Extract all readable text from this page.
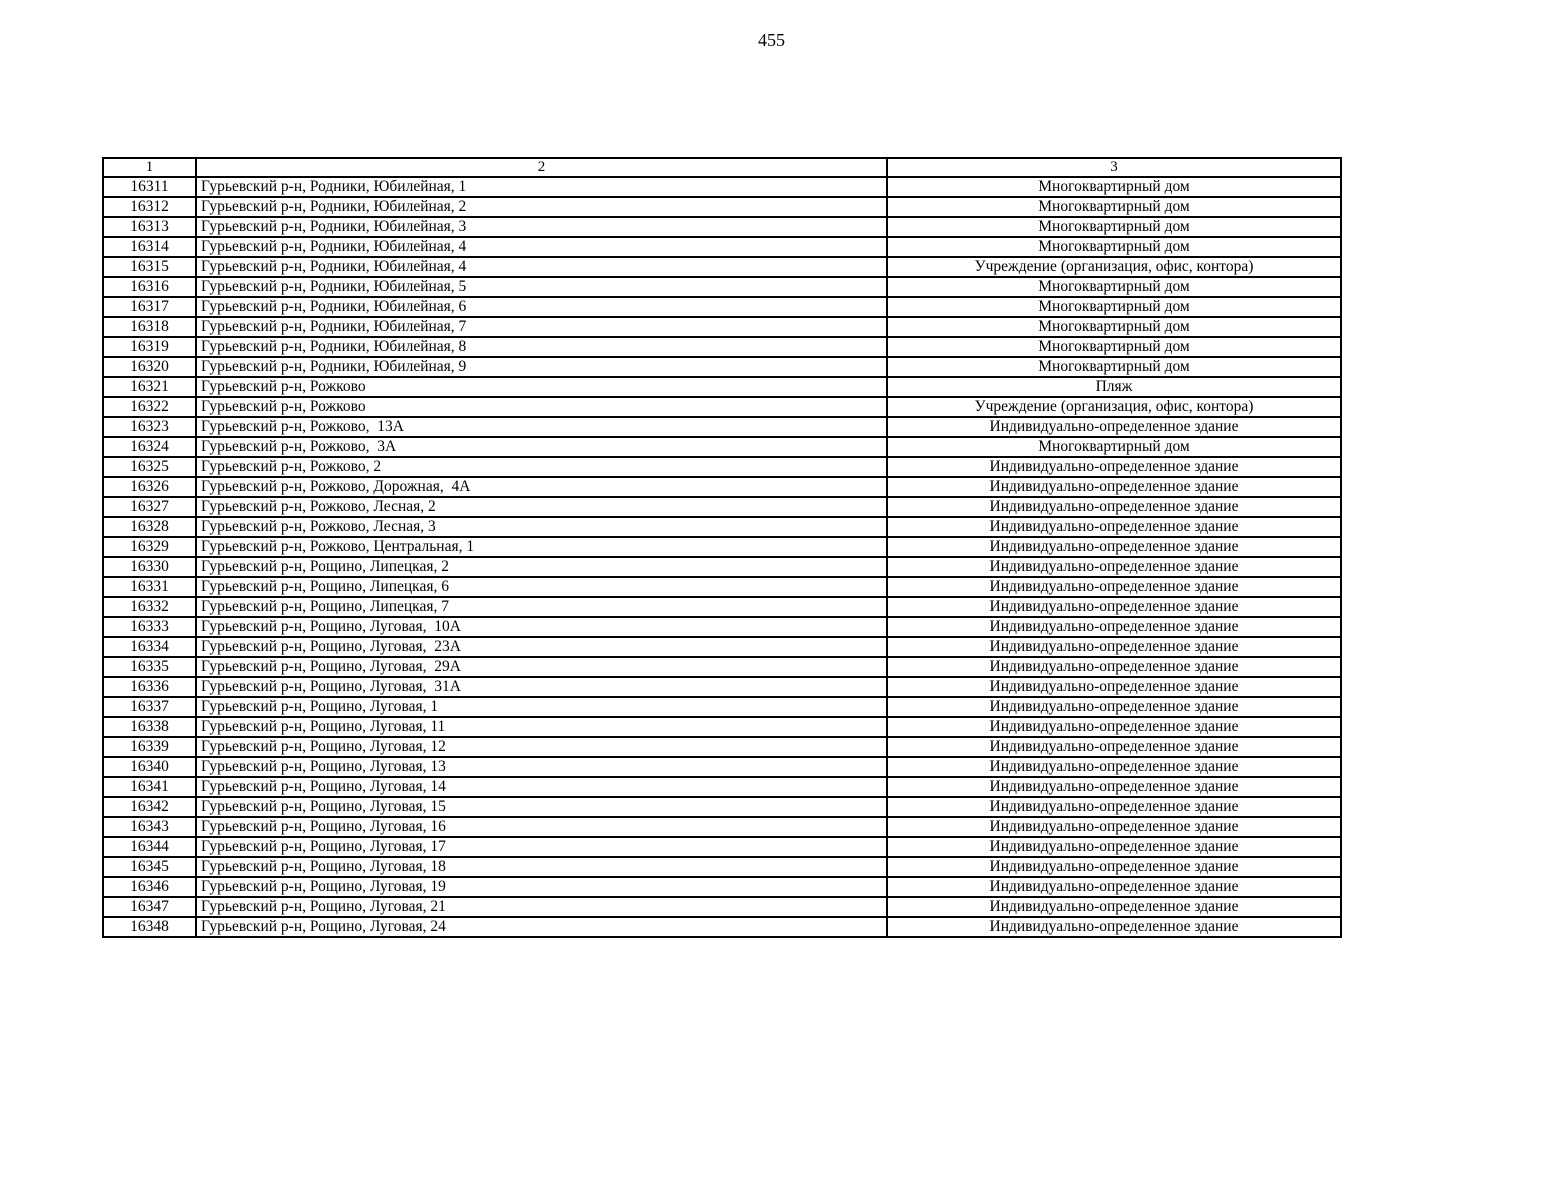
455
1	2	3
16311	Гурьевский р-н, Родники, Юбилейная, 1	Многоквартирный дом
16312	Гурьевский р-н, Родники, Юбилейная, 2	Многоквартирный дом
16313	Гурьевский р-н, Родники, Юбилейная, 3	Многоквартирный дом
16314	Гурьевский р-н, Родники, Юбилейная, 4	Многоквартирный дом
16315	Гурьевский р-н, Родники, Юбилейная, 4	Учреждение (организация, офис, контора)
16316	Гурьевский р-н, Родники, Юбилейная, 5	Многоквартирный дом
16317	Гурьевский р-н, Родники, Юбилейная, 6	Многоквартирный дом
16318	Гурьевский р-н, Родники, Юбилейная, 7	Многоквартирный дом
16319	Гурьевский р-н, Родники, Юбилейная, 8	Многоквартирный дом
16320	Гурьевский р-н, Родники, Юбилейная, 9	Многоквартирный дом
16321	Гурьевский р-н, Рожково	Пляж
16322	Гурьевский р-н, Рожково	Учреждение (организация, офис, контора)
16323	Гурьевский р-н, Рожково,  13А	Индивидуально-определенное здание
16324	Гурьевский р-н, Рожково,  3А	Многоквартирный дом
16325	Гурьевский р-н, Рожково, 2	Индивидуально-определенное здание
16326	Гурьевский р-н, Рожково, Дорожная,  4А	Индивидуально-определенное здание
16327	Гурьевский р-н, Рожково, Лесная, 2	Индивидуально-определенное здание
16328	Гурьевский р-н, Рожково, Лесная, 3	Индивидуально-определенное здание
16329	Гурьевский р-н, Рожково, Центральная, 1	Индивидуально-определенное здание
16330	Гурьевский р-н, Рощино, Липецкая, 2	Индивидуально-определенное здание
16331	Гурьевский р-н, Рощино, Липецкая, 6	Индивидуально-определенное здание
16332	Гурьевский р-н, Рощино, Липецкая, 7	Индивидуально-определенное здание
16333	Гурьевский р-н, Рощино, Луговая,  10А	Индивидуально-определенное здание
16334	Гурьевский р-н, Рощино, Луговая,  23А	Индивидуально-определенное здание
16335	Гурьевский р-н, Рощино, Луговая,  29А	Индивидуально-определенное здание
16336	Гурьевский р-н, Рощино, Луговая,  31А	Индивидуально-определенное здание
16337	Гурьевский р-н, Рощино, Луговая, 1	Индивидуально-определенное здание
16338	Гурьевский р-н, Рощино, Луговая, 11	Индивидуально-определенное здание
16339	Гурьевский р-н, Рощино, Луговая, 12	Индивидуально-определенное здание
16340	Гурьевский р-н, Рощино, Луговая, 13	Индивидуально-определенное здание
16341	Гурьевский р-н, Рощино, Луговая, 14	Индивидуально-определенное здание
16342	Гурьевский р-н, Рощино, Луговая, 15	Индивидуально-определенное здание
16343	Гурьевский р-н, Рощино, Луговая, 16	Индивидуально-определенное здание
16344	Гурьевский р-н, Рощино, Луговая, 17	Индивидуально-определенное здание
16345	Гурьевский р-н, Рощино, Луговая, 18	Индивидуально-определенное здание
16346	Гурьевский р-н, Рощино, Луговая, 19	Индивидуально-определенное здание
16347	Гурьевский р-н, Рощино, Луговая, 21	Индивидуально-определенное здание
16348	Гурьевский р-н, Рощино, Луговая, 24	Индивидуально-определенное здание
